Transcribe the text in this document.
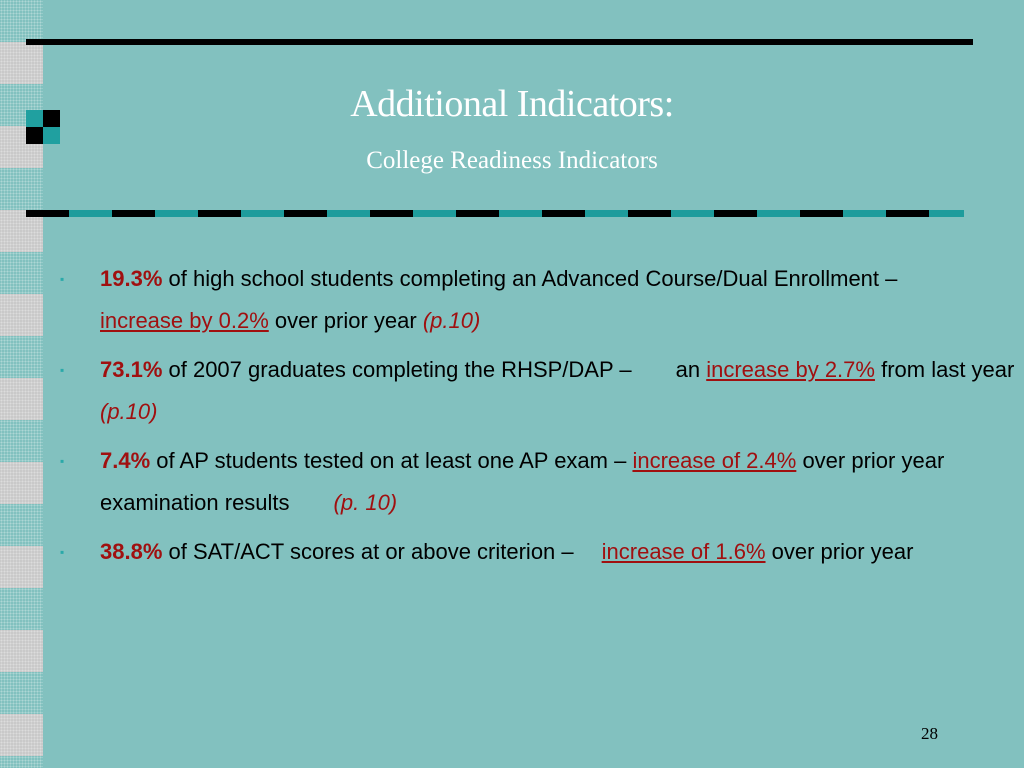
Additional Indicators:
College Readiness Indicators
▪ 19.3% of high school students completing an Advanced Course/Dual Enrollment –
increase by 0.2% over prior year (p.10)
▪ 73.1% of 2007 graduates completing the RHSP/DAP – an increase by 2.7% from last year (p.10)
▪ 7.4% of AP students tested on at least one AP exam – increase of 2.4% over prior year examination results (p. 10)
▪ 38.8% of SAT/ACT scores at or above criterion – increase of 1.6% over prior year
28
